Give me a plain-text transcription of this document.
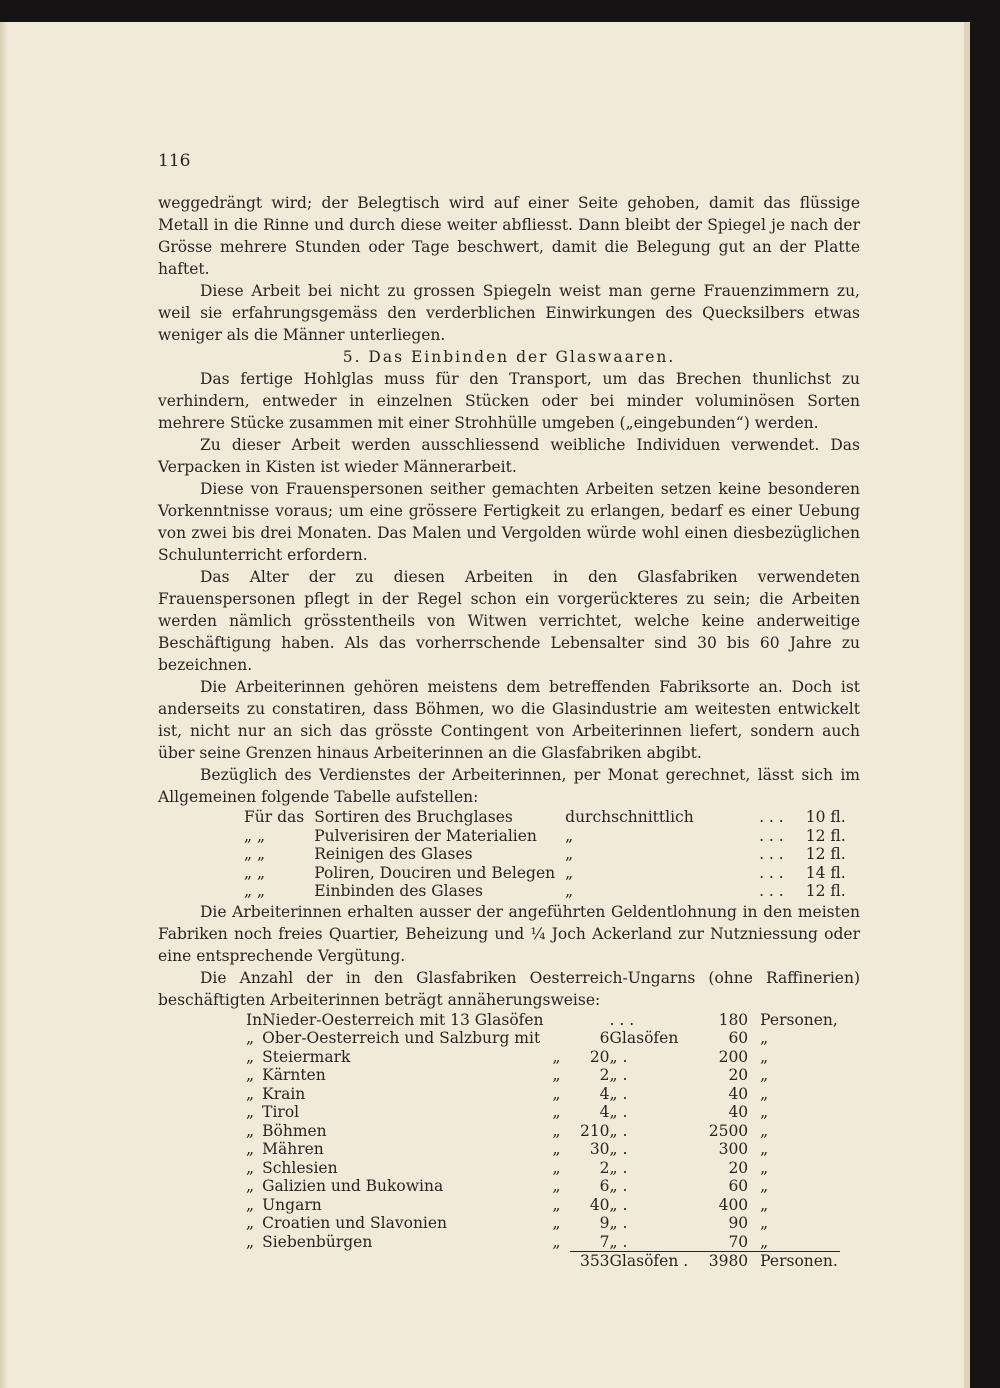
116

weggedrängt wird; der Belegtisch wird auf einer Seite gehoben, damit das flüssige Metall in die Rinne und durch diese weiter abfliesst. Dann bleibt der Spiegel je nach der Grösse mehrere Stunden oder Tage beschwert, damit die Belegung gut an der Platte haftet.

Diese Arbeit bei nicht zu grossen Spiegeln weist man gerne Frauenzimmern zu, weil sie erfahrungsgemäss den verderblichen Einwirkungen des Quecksilbers etwas weniger als die Männer unterliegen.

5. Das Einbinden der Glaswaaren.

Das fertige Hohlglas muss für den Transport, um das Brechen thunlichst zu verhindern, entweder in einzelnen Stücken oder bei minder voluminösen Sorten mehrere Stücke zusammen mit einer Strohhülle umgeben („eingebunden“) werden.

Zu dieser Arbeit werden ausschliessend weibliche Individuen verwendet. Das Verpacken in Kisten ist wieder Männerarbeit.

Diese von Frauenspersonen seither gemachten Arbeiten setzen keine besonderen Vorkenntnisse voraus; um eine grössere Fertigkeit zu erlangen, bedarf es einer Uebung von zwei bis drei Monaten. Das Malen und Vergolden würde wohl einen diesbezüglichen Schulunterricht erfordern.

Das Alter der zu diesen Arbeiten in den Glasfabriken verwendeten Frauenspersonen pflegt in der Regel schon ein vorgerückteres zu sein; die Arbeiten werden nämlich grösstentheils von Witwen verrichtet, welche keine anderweitige Beschäftigung haben. Als das vorherrschende Lebensalter sind 30 bis 60 Jahre zu bezeichnen.

Die Arbeiterinnen gehören meistens dem betreffenden Fabriksorte an. Doch ist anderseits zu constatiren, dass Böhmen, wo die Glasindustrie am weitesten entwickelt ist, nicht nur an sich das grösste Contingent von Arbeiterinnen liefert, sondern auch über seine Grenzen hinaus Arbeiterinnen an die Glasfabriken abgibt.

Bezüglich des Verdienstes der Arbeiterinnen, per Monat gerechnet, lässt sich im Allgemeinen folgende Tabelle aufstellen:

Für das	Sortiren des Bruchglases	durchschnittlich	. . .	10 fl.
„ „	Pulverisiren der Materialien	„	. . .	12 fl.
„ „	Reinigen des Glases	„	. . .	12 fl.
„ „	Poliren, Douciren und Belegen	„	. . .	14 fl.
„ „	Einbinden des Glases	„	. . .	12 fl.

Die Arbeiterinnen erhalten ausser der angeführten Geldentlohnung in den meisten Fabriken noch freies Quartier, Beheizung und ¼ Joch Ackerland zur Nutzniessung oder eine entsprechende Vergütung.

Die Anzahl der in den Glasfabriken Oesterreich-Ungarns (ohne Raffinerien) beschäftigten Arbeiterinnen beträgt annäherungsweise:

In	Nieder-Oesterreich mit 13 Glasöfen			. . .	180	Personen,
„	Ober-Oesterreich und Salzburg mit		6	Glasöfen	60	„
„	Steiermark	„	20	„ .	200	„
„	Kärnten	„	2	„ .	20	„
„	Krain	„	4	„ .	40	„
„	Tirol	„	4	„ .	40	„
„	Böhmen	„	210	„ .	2500	„
„	Mähren	„	30	„ .	300	„
„	Schlesien	„	2	„ .	20	„
„	Galizien und Bukowina	„	6	„ .	60	„
„	Ungarn	„	40	„ .	400	„
„	Croatien und Slavonien	„	9	„ .	90	„
„	Siebenbürgen	„	7	„ .	70	„
			353	Glasöfen .	3980	Personen.
